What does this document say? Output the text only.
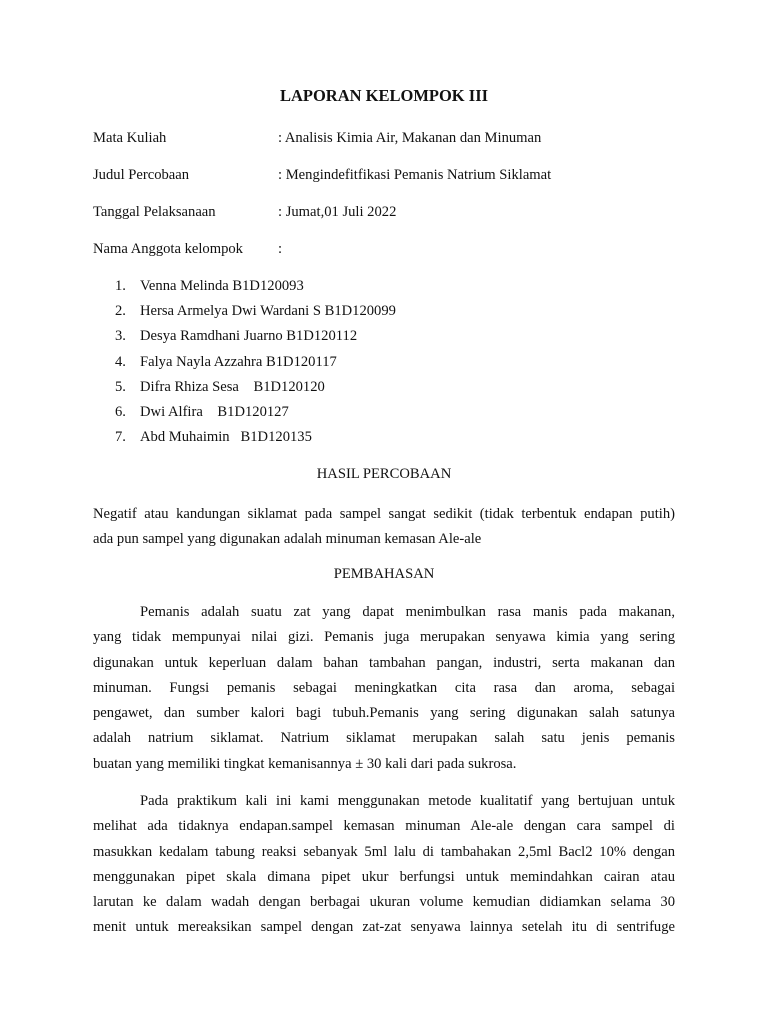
LAPORAN KELOMPOK III
Mata Kuliah	: Analisis Kimia Air, Makanan dan Minuman
Judul Percobaan	: Mengindefitfikasi Pemanis Natrium Siklamat
Tanggal Pelaksanaan	: Jumat,01 Juli 2022
Nama Anggota kelompok :
1. Venna Melinda B1D120093
2. Hersa Armelya Dwi Wardani S B1D120099
3. Desya Ramdhani Juarno B1D120112
4. Falya Nayla Azzahra B1D120117
5. Difra Rhiza Sesa    B1D120120
6. Dwi Alfira    B1D120127
7. Abd Muhaimin   B1D120135
HASIL PERCOBAAN
Negatif atau kandungan siklamat pada sampel sangat sedikit (tidak terbentuk endapan putih)
ada pun sampel yang digunakan adalah minuman kemasan Ale-ale
PEMBAHASAN
Pemanis adalah suatu zat yang dapat menimbulkan rasa manis pada makanan,
yang tidak mempunyai nilai gizi. Pemanis juga merupakan senyawa kimia yang sering
digunakan untuk keperluan dalam bahan tambahan pangan, industri, serta makanan dan
minuman. Fungsi pemanis sebagai meningkatkan cita rasa dan aroma, sebagai
pengawet, dan sumber kalori bagi tubuh.Pemanis yang sering digunakan salah satunya
adalah natrium siklamat. Natrium siklamat merupakan salah satu jenis pemanis
buatan yang memiliki tingkat kemanisannya ± 30 kali dari pada sukrosa.
Pada praktikum kali ini kami menggunakan metode kualitatif yang bertujuan untuk
melihat ada tidaknya endapan.sampel kemasan minuman Ale-ale dengan cara sampel di
masukkan kedalam tabung reaksi sebanyak 5ml lalu di tambahakan 2,5ml Bacl2 10% dengan
menggunakan pipet skala dimana pipet ukur berfungsi untuk memindahkan cairan atau
larutan ke dalam wadah dengan berbagai ukuran volume kemudian didiamkan selama 30
menit untuk mereaksikan sampel dengan zat-zat senyawa lainnya setelah itu di sentrifuge
